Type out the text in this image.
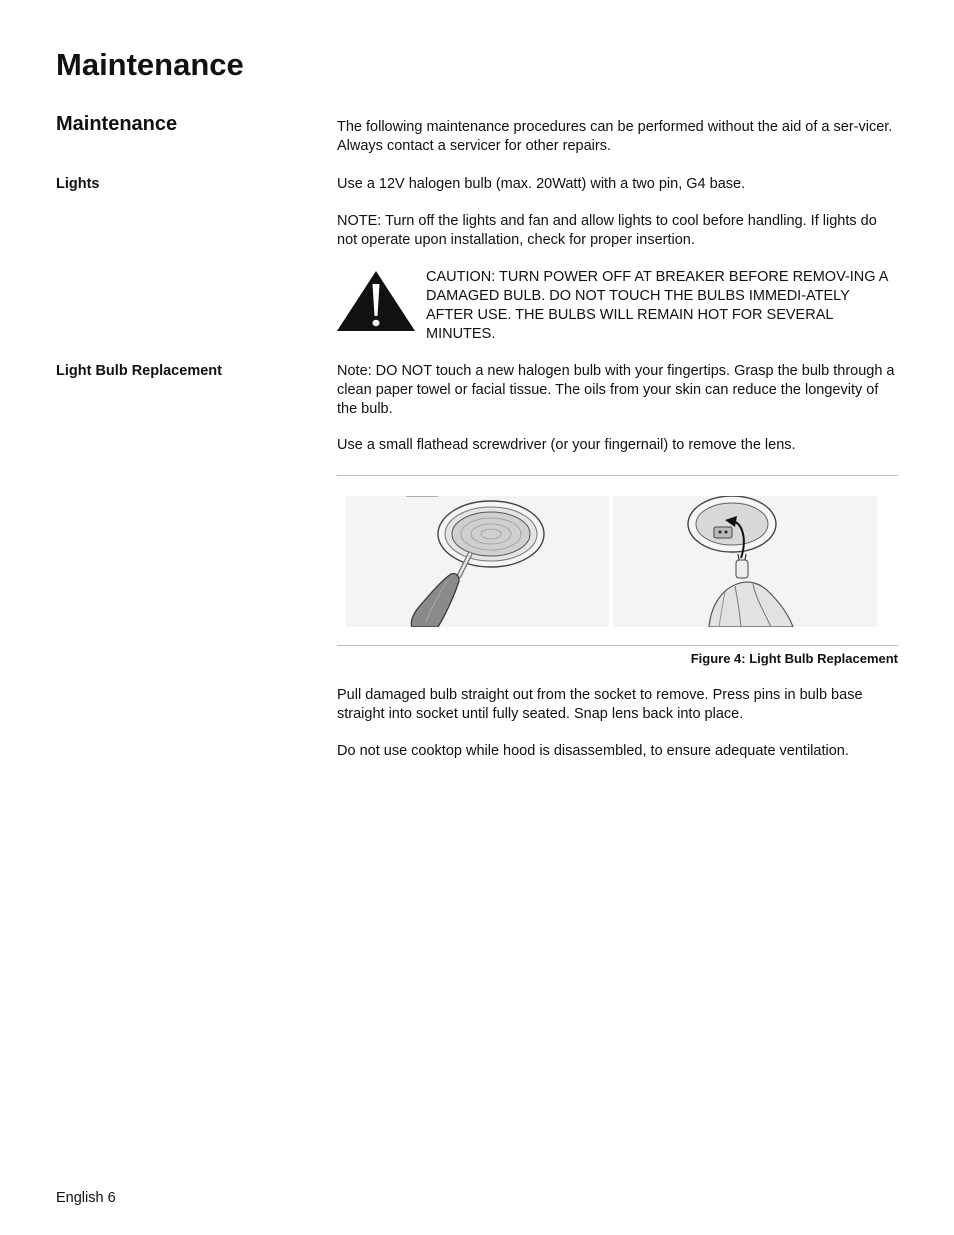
Maintenance
Maintenance	The following maintenance procedures can be performed without the aid of a ser-vicer. Always contact a servicer for other repairs.

Lights	Use a 12V halogen bulb (max. 20Watt) with a two pin, G4 base.

NOTE: Turn off the lights and fan and allow lights to cool before handling. If lights do not operate upon installation, check for proper insertion.

CAUTION: TURN POWER OFF AT BREAKER BEFORE REMOV-ING A DAMAGED BULB. DO NOT TOUCH THE BULBS IMMEDI-ATELY AFTER USE. THE BULBS WILL REMAIN HOT FOR SEVERAL MINUTES.

Light Bulb Replacement	Note: DO NOT touch a new halogen bulb with your fingertips. Grasp the bulb through a clean paper towel or facial tissue. The oils from your skin can reduce the longevity of the bulb.

Use a small flathead screwdriver (or your fingernail) to remove the lens.

Figure 4: Light Bulb Replacement

Pull damaged bulb straight out from the socket to remove. Press pins in bulb base straight into socket until fully seated. Snap lens back into place.

Do not use cooktop while hood is disassembled, to ensure adequate ventilation.

English 6
